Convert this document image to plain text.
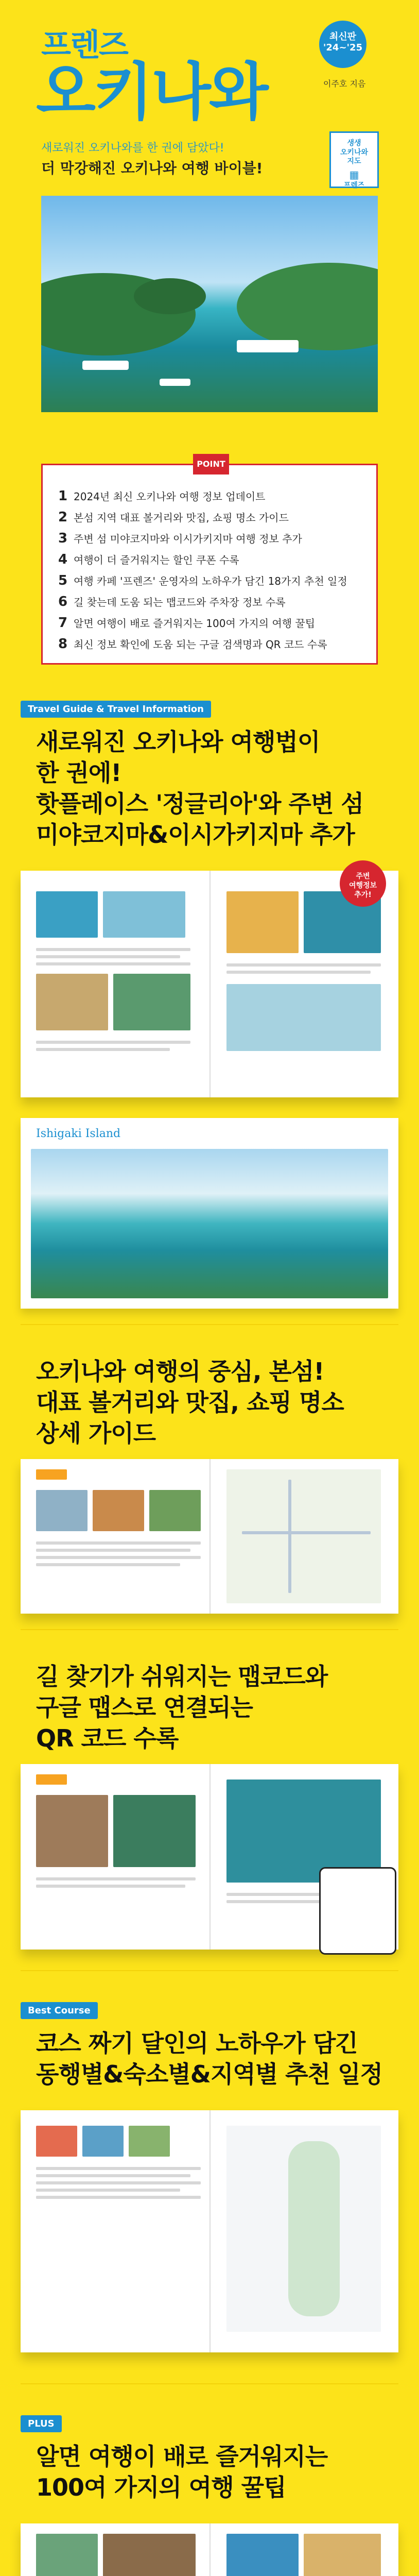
프렌즈
오키나와
최신판
'24~'25
이주호 지음
새로워진 오키나와를 한 권에 담았다!
더 막강해진 오키나와 여행 바이블!
생생
오키나와
지도
▦
프렌즈
POINT
1 2024년 최신 오키나와 여행 정보 업데이트
2 본섬 지역 대표 볼거리와 맛집, 쇼핑 명소 가이드
3 주변 섬 미야코지마와 이시가키지마 여행 정보 추가
4 여행이 더 즐거워지는 할인 쿠폰 수록
5 여행 카페 '프렌즈' 운영자의 노하우가 담긴 18가지 추천 일정
6 길 찾는데 도움 되는 맵코드와 주차장 정보 수록
7 알면 여행이 배로 즐거워지는 100여 가지의 여행 꿀팁
8 최신 정보 확인에 도움 되는 구글 검색명과 QR 코드 수록
Travel Guide & Travel Information
새로워진 오키나와 여행법이
한 권에!
핫플레이스 '정글리아'와 주변 섬
미야코지마&이시가키지마 추가
주변
여행정보
추가!
Ishigaki Island
오키나와 여행의 중심, 본섬!
대표 볼거리와 맛집, 쇼핑 명소
상세 가이드
길 찾기가 쉬워지는 맵코드와
구글 맵스로 연결되는
QR 코드 수록
Best Course
코스 짜기 달인의 노하우가 담긴
동행별&숙소별&지역별 추천 일정
PLUS
알면 여행이 배로 즐거워지는
100여 가지의 여행 꿀팁
